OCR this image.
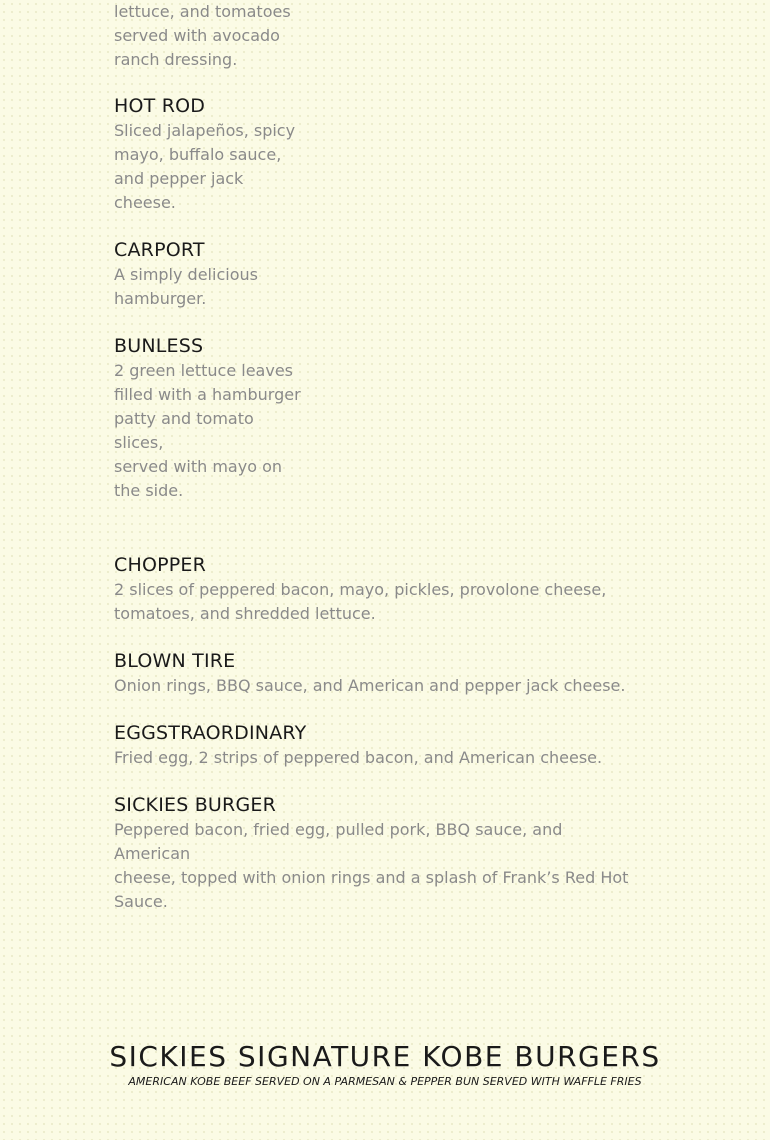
lettuce, and tomatoes
served with avocado
ranch dressing.
HOT ROD
Sliced jalapeños, spicy
mayo, buffalo sauce,
and pepper jack
cheese.
CARPORT
A simply delicious
hamburger.
BUNLESS
2 green lettuce leaves
filled with a hamburger
patty and tomato slices,
served with mayo on
the side.
CHOPPER
2 slices of peppered bacon, mayo, pickles, provolone cheese,
tomatoes, and shredded lettuce.
BLOWN TIRE
Onion rings, BBQ sauce, and American and pepper jack cheese.
EGGSTRAORDINARY
Fried egg, 2 strips of peppered bacon, and American cheese.
SICKIES BURGER
Peppered bacon, fried egg, pulled pork, BBQ sauce, and American
cheese, topped with onion rings and a splash of Frank’s Red Hot
Sauce.
SICKIES SIGNATURE KOBE BURGERS

AMERICAN KOBE BEEF SERVED ON A PARMESAN & PEPPER BUN SERVED WITH WAFFLE FRIES
